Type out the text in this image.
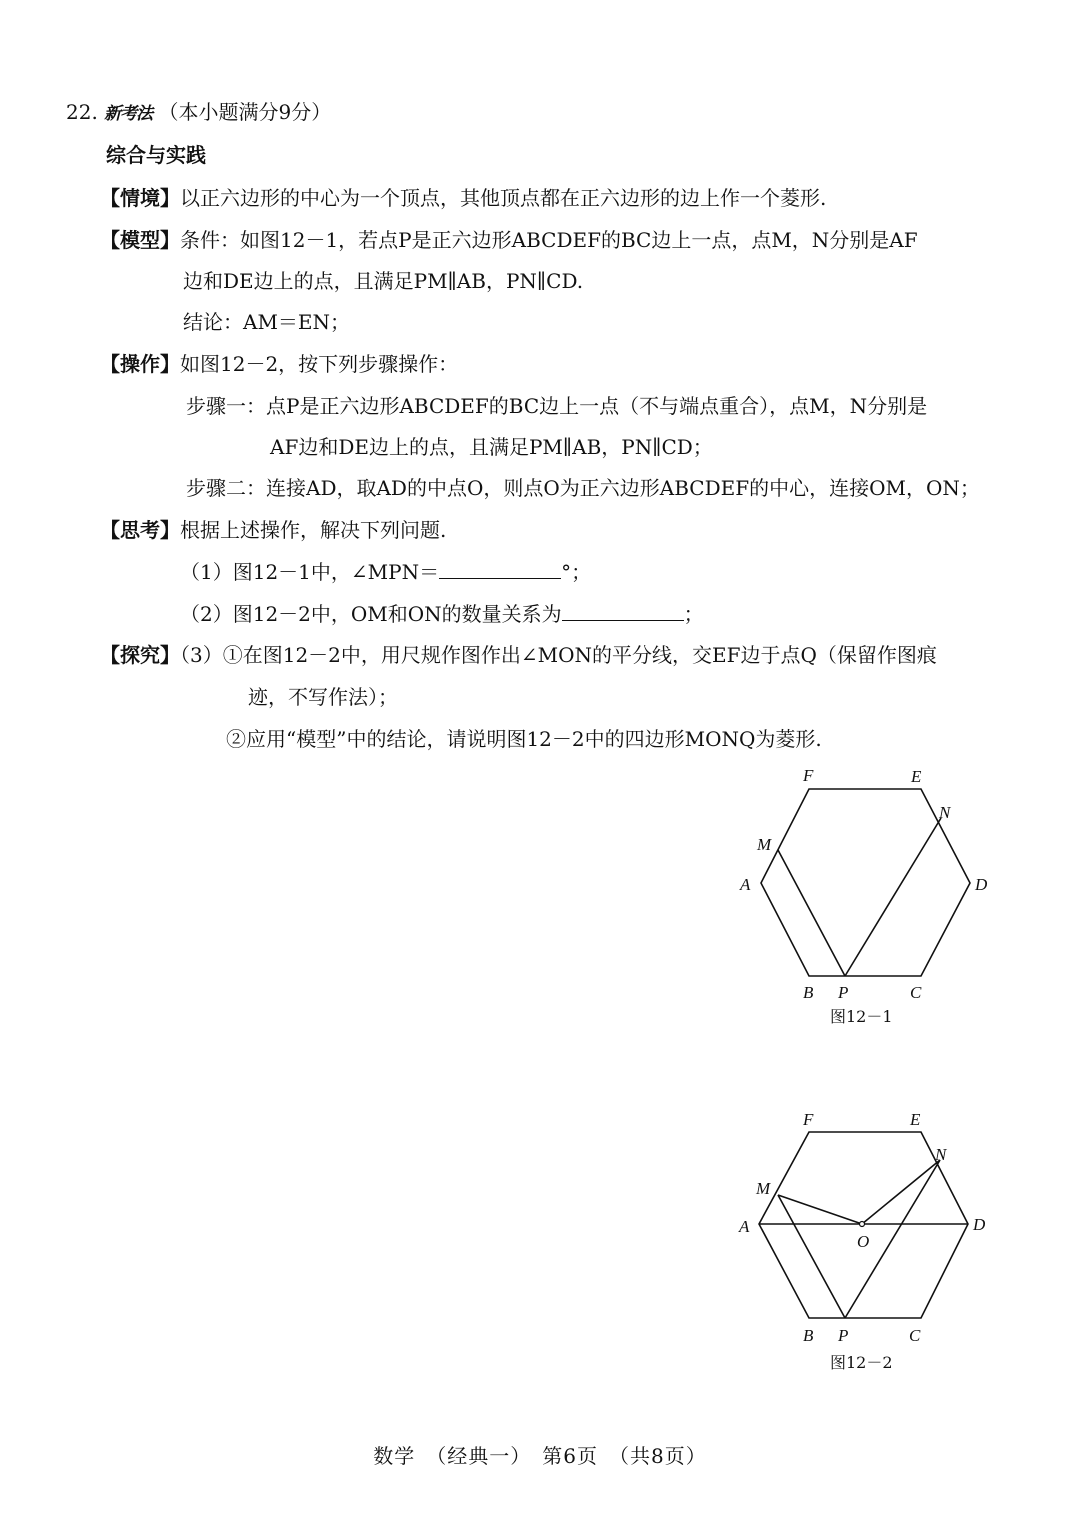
22. 新考法 （本小题满分9分）
综合与实践
【情境】以正六边形的中心为一个顶点，其他顶点都在正六边形的边上作一个菱形.
【模型】条件：如图12－1，若点P是正六边形ABCDEF的BC边上一点，点M，N分别是AF
边和DE边上的点，且满足PM∥AB，PN∥CD.
结论：AM＝EN；
【操作】如图12－2，按下列步骤操作：
步骤一：点P是正六边形ABCDEF的BC边上一点（不与端点重合），点M，N分别是
AF边和DE边上的点，且满足PM∥AB，PN∥CD；
步骤二：连接AD，取AD的中点O，则点O为正六边形ABCDEF的中心，连接OM，ON；
【思考】根据上述操作，解决下列问题.
（1）图12－1中，∠MPN＝	°；
（2）图12－2中，OM和ON的数量关系为	；
【探究】（3）①在图12－2中，用尺规作图作出∠MON的平分线，交EF边于点Q（保留作图痕
迹，不写作法）；
②应用“模型”中的结论，请说明图12－2中的四边形MONQ为菱形.
F	E
N
M
A	D
B P	C
图12－1
F	E
N
M
A	D
O
B P	C
图12－2
数学　（经典一）　第6页　（共8页）
